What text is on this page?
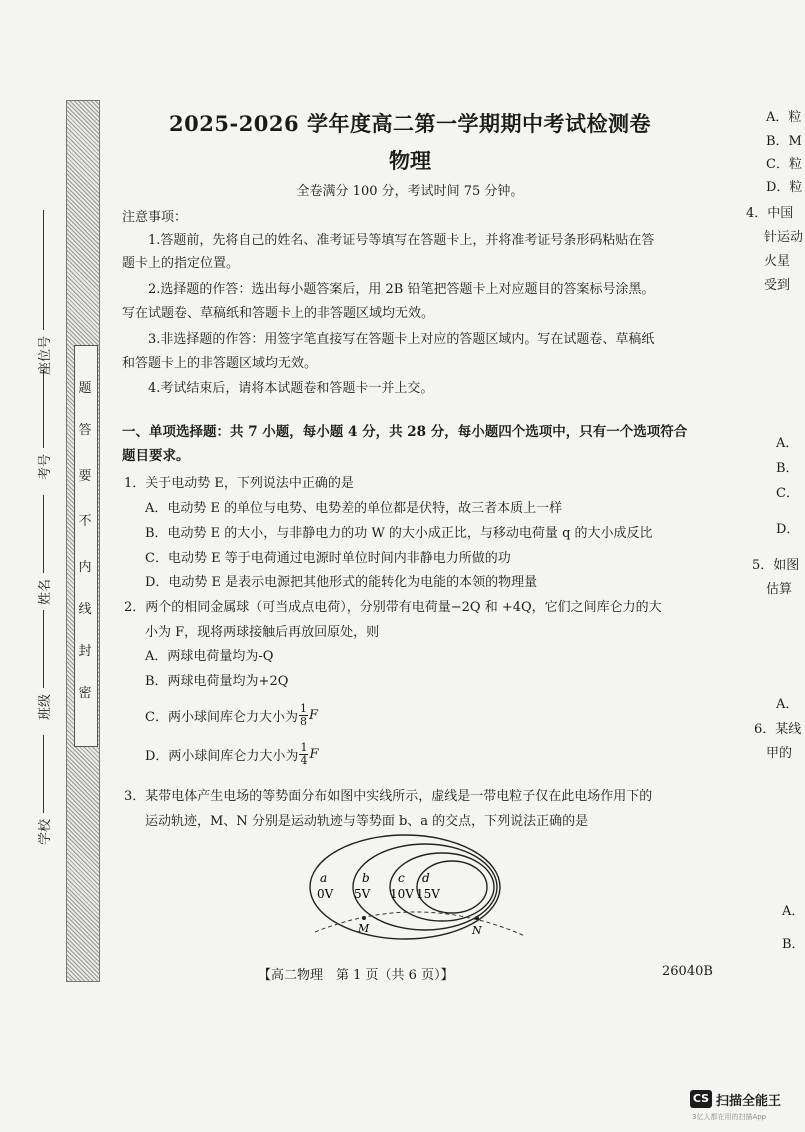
密
封
线
内
不
要
答
题
学校
班级
姓名
考号
座位号
2025-2026 学年度高二第一学期期中考试检测卷
物理
全卷满分 100 分，考试时间 75 分钟。
注意事项：
1.答题前，先将自己的姓名、准考证号等填写在答题卡上，并将准考证号条形码粘贴在答
题卡上的指定位置。
2.选择题的作答：选出每小题答案后，用 2B 铅笔把答题卡上对应题目的答案标号涂黑。
写在试题卷、草稿纸和答题卡上的非答题区域均无效。
3.非选择题的作答：用签字笔直接写在答题卡上对应的答题区域内。写在试题卷、草稿纸
和答题卡上的非答题区域均无效。
4.考试结束后，请将本试题卷和答题卡一并上交。
一、单项选择题：共 7 小题，每小题 4 分，共 28 分，每小题四个选项中，只有一个选项符合
题目要求。
1．关于电动势 E，下列说法中正确的是
A．电动势 E 的单位与电势、电势差的单位都是伏特，故三者本质上一样
B．电动势 E 的大小，与非静电力的功 W 的大小成正比，与移动电荷量 q 的大小成反比
C．电动势 E 等于电荷通过电源时单位时间内非静电力所做的功
D．电动势 E 是表示电源把其他形式的能转化为电能的本领的物理量
2．两个的相同金属球（可当成点电荷），分别带有电荷量−2Q 和 +4Q，它们之间库仑力的大
小为 F，现将两球接触后再放回原处，则
A．两球电荷量均为-Q
B．两球电荷量均为+2Q
C．两小球间库仑力大小为 $\frac{1}{8}$ F
D．两小球间库仑力大小为 $\frac{1}{4}$ F
3．某带电体产生电场的等势面分布如图中实线所示，虚线是一带电粒子仅在此电场作用下的
运动轨迹，M、N 分别是运动轨迹与等势面 b、a 的交点，下列说法正确的是
a
0V
b
5V
c
10V
d
15V
M	N
【高二物理　第 1 页（共 6 页）】	26040B
A．粒
B．M
C．粒
D．粒
4．中国
针运动
火星
受到
A．
B．
C．
D．
5．如图
估算
A．
6．某线
甲的
A．
B．
CS 扫描全能王
3亿人都在用的扫描App
